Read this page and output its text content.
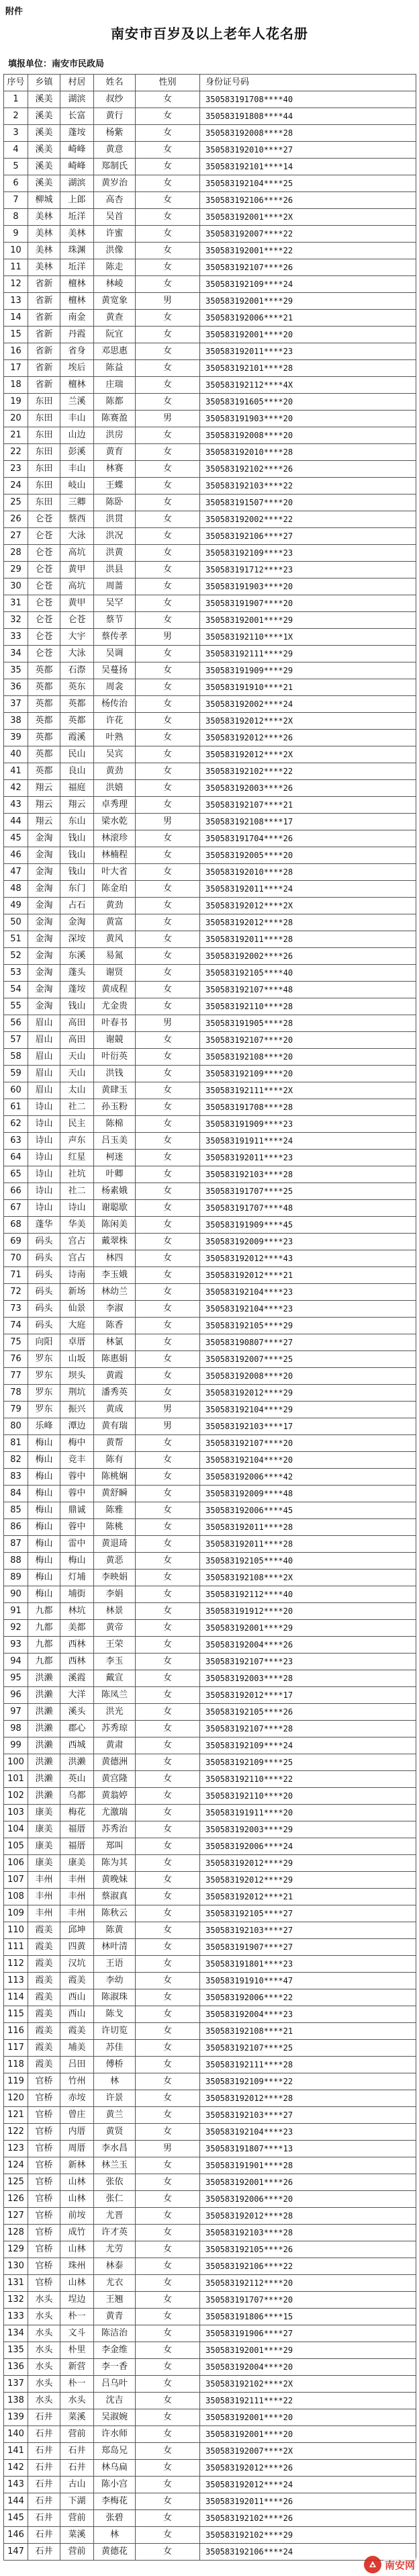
附件
南安市百岁及以上老年人花名册
填报单位：南安市民政局
序号	乡镇	村居	姓名	性别	身份证号码
1	溪美	湖滨	叔纱	女	350583191708****40
2	溪美	长富	黄行	女	350583191808****44
3	溪美	蓬垵	杨紫	女	350583192008****28
4	溪美	崎峰	黄意	女	350583192010****27
5	溪美	崎峰	郑制氏	女	350583192101****14
6	溪美	湖滨	黄岁治	女	350583192104****25
7	柳城	上郎	高杏	女	350583192106****26
8	美林	坵洋	吴首	女	350583192001****2X
9	美林	美林	许蜜	女	350583192007****22
10	美林	珠渊	洪像	女	350583192001****22
11	美林	坵洋	陈走	女	350583192107****26
12	省新	檀林	林崚	女	350583192109****24
13	省新	檀林	黄宽象	男	350583192001****29
14	省新	南金	黄查	女	350583192006****21
15	省新	丹霞	阮宜	女	350583192001****20
16	省新	省身	邓思惠	女	350583192011****23
17	省新	埃后	陈益	女	350583192101****28
18	省新	檀林	庄瑞	女	350583192112****4X
19	东田	兰溪	陈都	女	350583191605****20
20	东田	丰山	陈赛盈	男	350583191903****20
21	东田	山边	洪房	女	350583192008****20
22	东田	彭溪	黄育	女	350583192010****28
23	东田	丰山	林赛	女	350583192102****26
24	东田	岐山	王蝶	女	350583192103****22
25	东田	三卿	陈卧	女	350583191507****20
26	仑苍	蔡西	洪贯	女	350583192002****22
27	仑苍	大泳	洪况	女	350583192106****27
28	仑苍	高坑	洪黄	女	350583192109****23
29	仑苍	黄甲	洪县	女	350583191712****23
30	仑苍	高坑	周蔷	女	350583191903****20
31	仑苍	黄甲	吴罕	女	350583191907****20
32	仑苍	仑苍	蔡节	女	350583192001****29
33	仑苍	大宇	蔡传孝	男	350583192110****1X
34	仑苍	大泳	吴调	女	350583192111****29
35	英都	石漈	吴蔓扬	女	350583191909****29
36	英都	英东	周衾	女	350583191910****21
37	英都	英都	杨传治	女	350583192002****24
38	英都	英都	许花	女	350583192012****2X
39	英都	霞溪	叶熟	女	350583192012****26
40	英都	民山	吴宾	女	350583192012****2X
41	英都	良山	黄劲	女	350583192102****22
42	翔云	福庭	洪嬉	女	350583192003****26
43	翔云	翔云	卓秀理	女	350583192107****21
44	翔云	东山	梁水乾	男	350583192108****17
45	金淘	钱山	林滚珍	女	350583191704****26
46	金淘	钱山	林楠程	女	350583192005****20
47	金淘	钱山	叶大省	女	350583192010****28
48	金淘	东门	陈金珀	女	350583192011****24
49	金淘	占石	黄劲	女	350583192012****2X
50	金淘	金淘	黄富	女	350583192012****28
51	金淘	深垵	黄风	女	350583192011****28
52	金淘	东溪	易氮	女	350583192002****26
53	金淘	蓬头	谢贤	女	350583192105****40
54	金淘	蓬垵	黄成程	女	350583192107****48
55	金淘	钱山	尤金贵	女	350583192110****28
56	眉山	高田	叶春书	男	350583191905****28
57	眉山	高田	谢競	女	350583192107****20
58	眉山	天山	叶衍英	女	350583192108****20
59	眉山	天山	洪钱	女	350583192109****20
60	眉山	太山	黄肆玉	女	350583192111****2X
61	诗山	社二	孙玉粉	女	350583191708****28
62	诗山	民主	陈棉	女	350583191909****23
63	诗山	声东	吕玉美	女	350583191911****24
64	诗山	红星	柯迷	女	350583192011****23
65	诗山	社坑	叶卿	女	350583192103****28
66	诗山	社二	杨素娥	女	350583191707****25
67	诗山	诗山	谢聪歇	女	350583191707****48
68	蓬华	华美	陈闲美	女	350583191909****45
69	码头	宫占	戴翠株	女	350583192009****23
70	码头	宫占	林四	女	350583192012****43
71	码头	诗南	李玉娥	女	350583192012****21
72	码头	新场	林幼兰	女	350583192104****23
73	码头	仙景	李淑	女	350583192104****23
74	码头	大庭	陈香	女	350583192105****29
75	向阳	卓厝	林氯	女	350583190807****27
76	罗东	山坂	陈惠娟	女	350583192007****25
77	罗东	坝头	黄霞	女	350583192008****20
78	罗东	荆坑	潘秀英	女	350583192012****29
79	罗东	振兴	黄成	男	350583192104****29
80	乐峰	潭边	黄有瑞	男	350583192103****17
81	梅山	梅中	黄帮	女	350583192107****20
82	梅山	竞丰	陈有	女	350583192104****20
83	梅山	蓉中	陈桃娴	女	350583192006****42
84	梅山	蓉中	黄舒瞬	女	350583192009****48
85	梅山	鼎诚	陈雅	女	350583192006****45
86	梅山	蓉中	陈桃	女	350583192011****28
87	梅山	雷中	黄退琦	女	350583192011****28
88	梅山	梅山	黄恶	女	350583192105****40
89	梅山	灯埔	李映娟	女	350583192108****2X
90	梅山	埔街	李娟	女	350583192112****40
91	九都	林坑	林景	女	350583191912****20
92	九都	美都	黄帝	女	350583192001****29
93	九都	西林	王荣	女	350583192004****26
94	九都	西林	李玉	女	350583192107****23
95	洪濑	溪霞	戴宣	女	350583192003****28
96	洪濑	大洋	陈凤兰	女	350583192012****17
97	洪濑	溪头	洪光	女	350583192105****26
98	洪濑	郡心	苏秀琼	女	350583192107****28
99	洪濑	西城	黄肃	女	350583192109****24
100	洪濑	洪濑	黄德洲	女	350583192109****25
101	洪濑	英山	黄宫隆	女	350583192110****22
102	洪濑	乌都	黄翁婷	女	350583192110****20
103	康美	梅花	尤激瑞	女	350583191911****20
104	康美	福厝	苏秀治	女	350583192003****29
105	康美	福厝	郑叫	女	350583192006****24
106	康美	康美	陈为其	女	350583192012****29
107	丰州	丰州	黄晚妹	女	350583192012****29
108	丰州	丰州	蔡淑真	女	350583192012****21
109	丰州	丰州	陈秋云	女	350583192105****27
110	霞美	邱坤	陈黄	女	350583192103****27
111	霞美	四黄	林叶清	女	350583191907****27
112	霞美	汉坑	王语	女	350583191801****23
113	霞美	霞美	李幼	女	350583191910****47
114	霞美	西山	陈淑珠	女	350583192006****22
115	霞美	西山	陈戈	女	350583192004****23
116	霞美	霞美	许切览	女	350583192108****21
117	霞美	埔美	苏佳	女	350583192107****25
118	霞美	吕田	傅桥	女	350583192111****28
119	官桥	竹州	林	女	350583192109****22
120	官桥	赤垵	许景	女	350583192012****28
121	官桥	曾庄	黄兰	女	350583192103****27
122	官桥	内厝	黄贤	女	350583192104****23
123	官桥	周厝	李水昌	男	350583191807****13
124	官桥	新林	林兰玉	女	350583191901****28
125	官桥	山林	张依	女	350583192001****26
126	官桥	山林	张仁	女	350583192006****20
127	官桥	前垵	尤晋	女	350583192012****28
128	官桥	成竹	许才英	女	350583192103****28
129	官桥	山林	尤劳	女	350583192105****26
130	官桥	珠州	林泰	女	350583192106****22
131	官桥	山林	尤衣	女	350583192112****20
132	水头	埕边	王翘	女	350583191707****20
133	水头	朴一	黄青	女	350583191806****15
134	水头	文斗	陈洁治	女	350583191906****27
135	水头	朴里	李金维	女	350583192001****29
136	水头	新营	李一香	女	350583192004****20
137	水头	朴一	吕乌叶	女	350583192102****2X
138	水头	水头	沈吉	女	350583192111****22
139	石井	菜溪	吴淑婉	女	350583192001****20
140	石井	营前	许水师	女	350583192001****20
141	石井	石井	郑岛兄	女	350583192007****2X
142	石井	石井	林乌扁	女	350583192012****26
143	石井	古山	陈小宫	女	350583192012****24
144	石井	下湖	李梅花	女	350583192011****26
145	石井	营前	张碧	女	350583192102****26
146	石井	菜溪	林	女	350583192102****29
147	石井	营前	黄德花	女	350583192106****24
南安网
